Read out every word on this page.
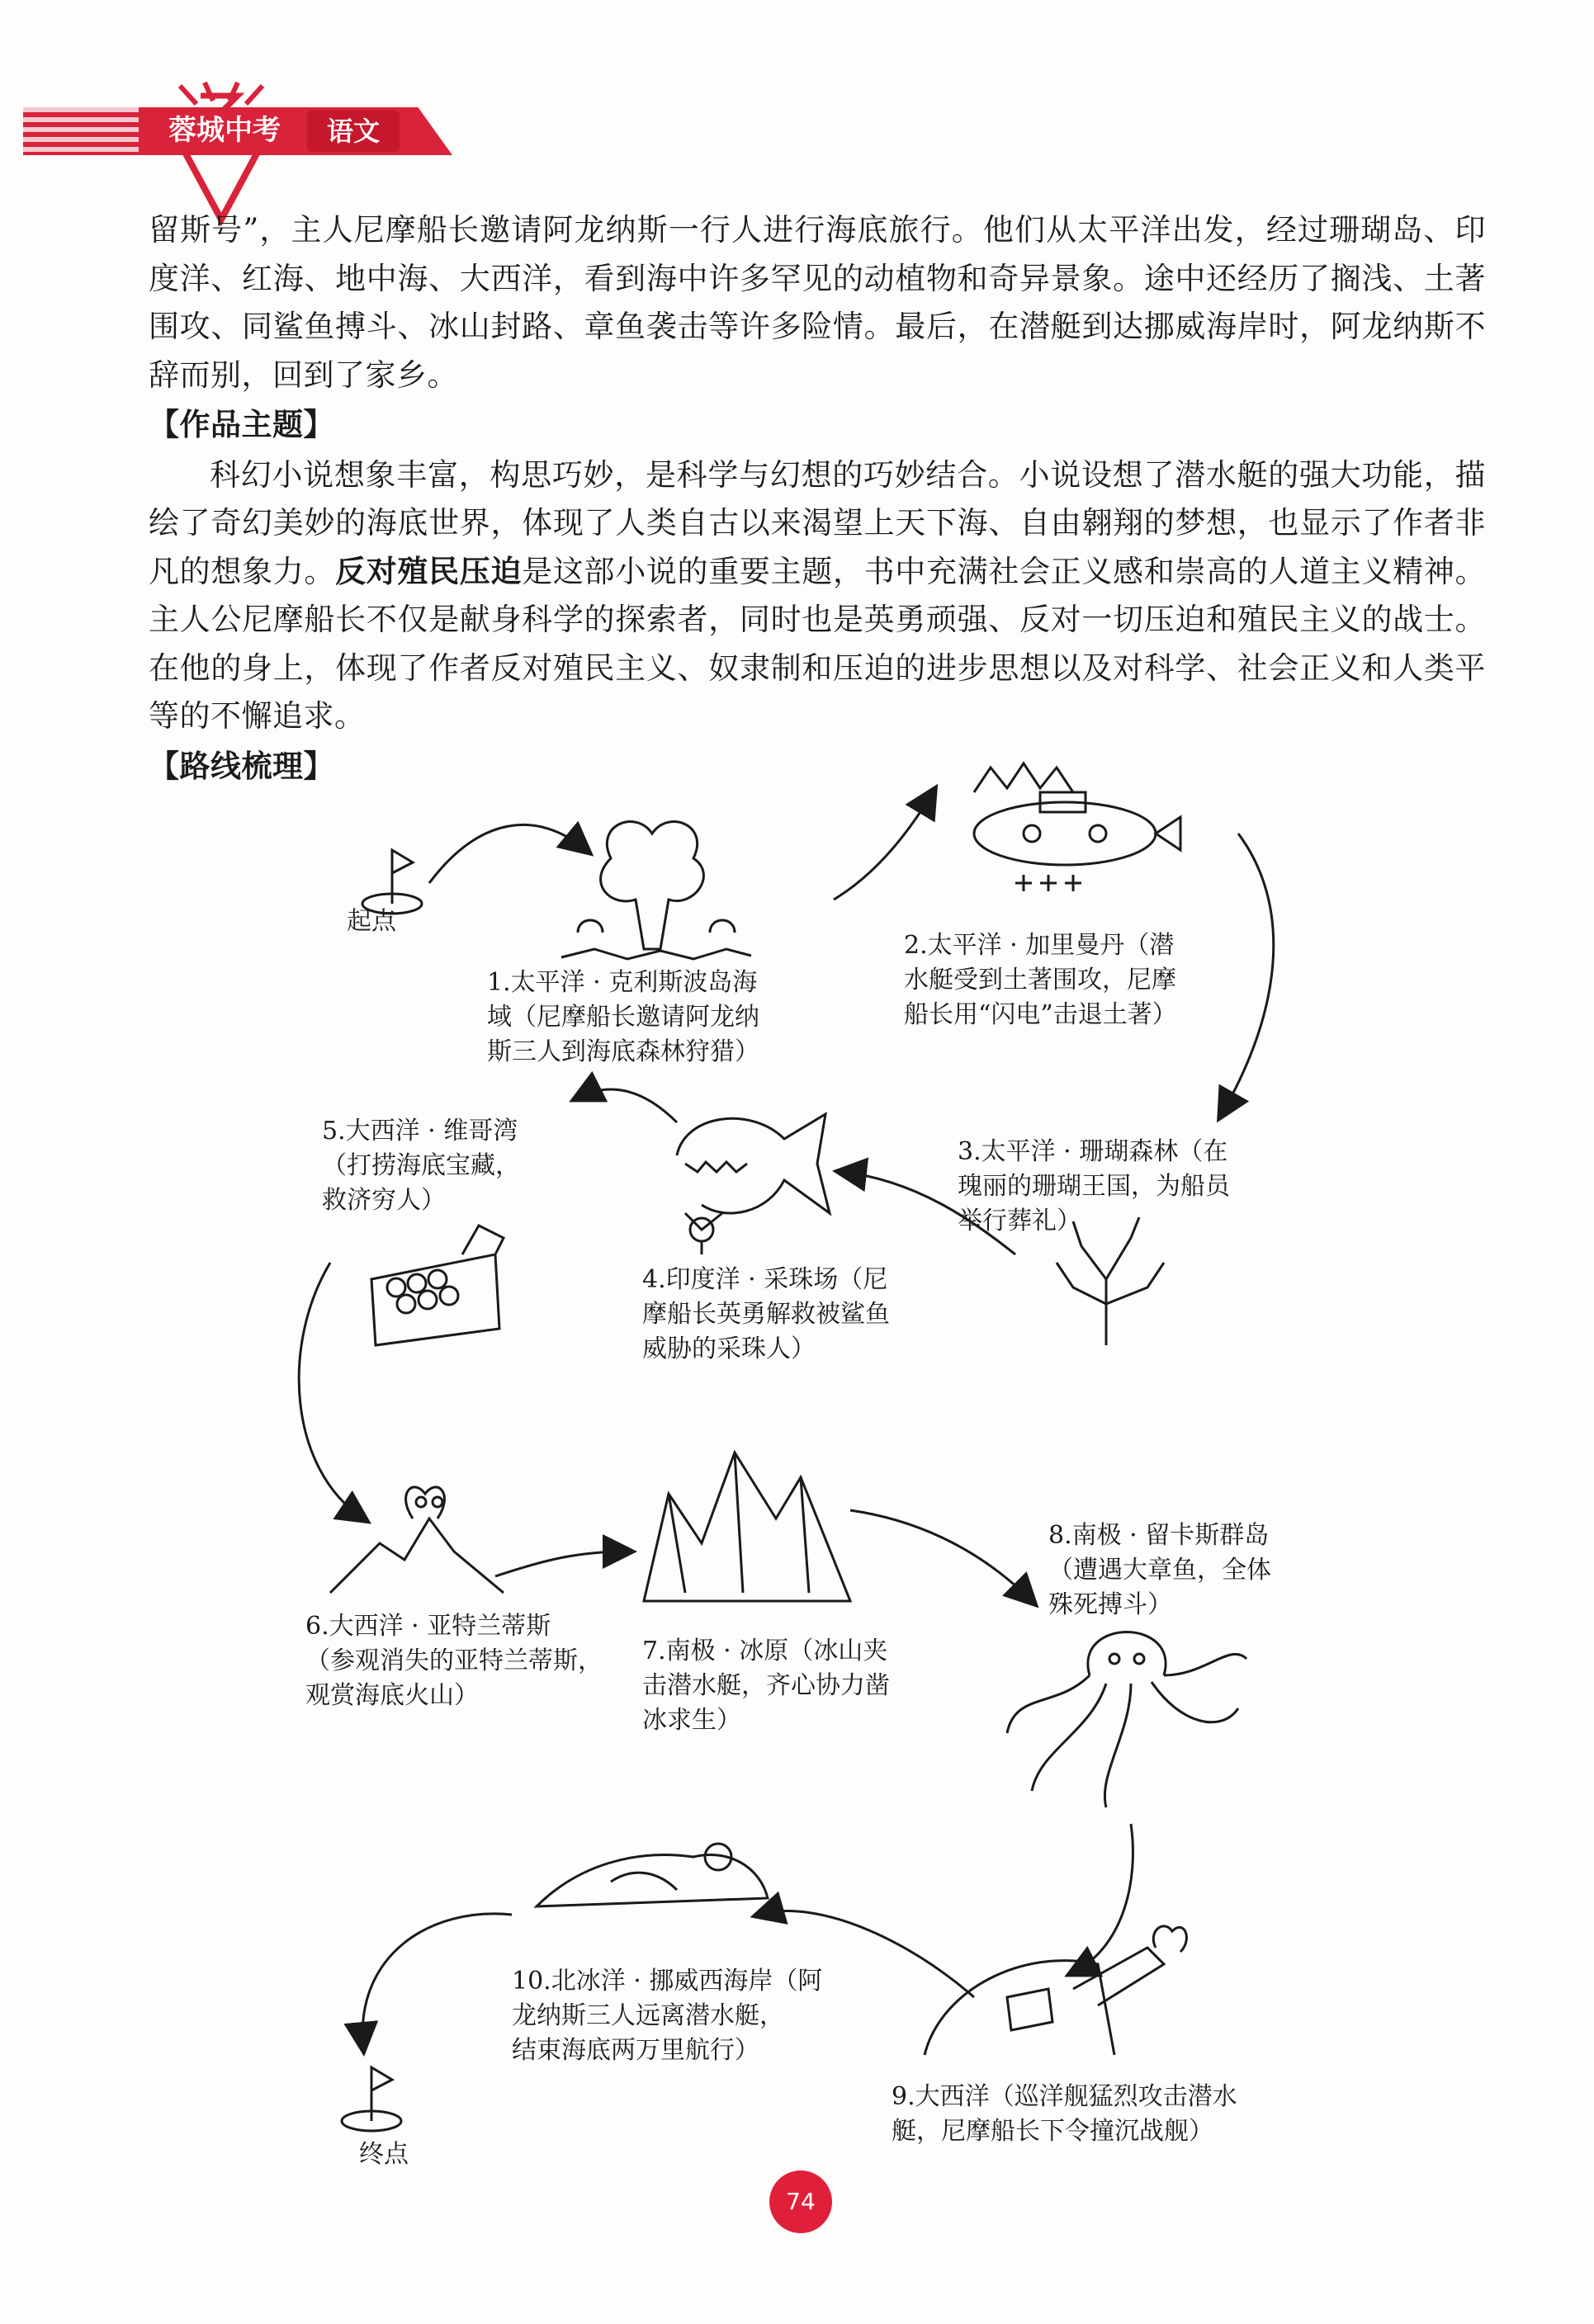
蓉城中考	语文

留斯号”，主人尼摩船长邀请阿龙纳斯一行人进行海底旅行。他们从太平洋出发，经过珊瑚岛、印度洋、红海、地中海、大西洋，看到海中许多罕见的动植物和奇异景象。途中还经历了搁浅、土著围攻、同鲨鱼搏斗、冰山封路、章鱼袭击等许多险情。最后，在潜艇到达挪威海岸时，阿龙纳斯不辞而别，回到了家乡。

【作品主题】

科幻小说想象丰富，构思巧妙，是科学与幻想的巧妙结合。小说设想了潜水艇的强大功能，描绘了奇幻美妙的海底世界，体现了人类自古以来渴望上天下海、自由翱翔的梦想，也显示了作者非凡的想象力。反对殖民压迫是这部小说的重要主题，书中充满社会正义感和崇高的人道主义精神。主人公尼摩船长不仅是献身科学的探索者，同时也是英勇顽强、反对一切压迫和殖民主义的战士。在他的身上，体现了作者反对殖民主义、奴隶制和压迫的进步思想以及对科学、社会正义和人类平等的不懈追求。

【路线梳理】
起点
1.太平洋 · 克利斯波岛海
域（尼摩船长邀请阿龙纳
斯三人到海底森林狩猎）
2.太平洋 · 加里曼丹（潜
水艇受到土著围攻，尼摩
船长用“闪电”击退土著）
3.太平洋 · 珊瑚森林（在
瑰丽的珊瑚王国，为船员
举行葬礼）
4.印度洋 · 采珠场（尼
摩船长英勇解救被鲨鱼
威胁的采珠人）
5.大西洋 · 维哥湾
（打捞海底宝藏，
救济穷人）
6.大西洋 · 亚特兰蒂斯
（参观消失的亚特兰蒂斯，
观赏海底火山）
7.南极 · 冰原（冰山夹
击潜水艇，齐心协力凿
冰求生）
8.南极 · 留卡斯群岛
（遭遇大章鱼，全体
殊死搏斗）
9.大西洋（巡洋舰猛烈攻击潜水
艇，尼摩船长下令撞沉战舰）
10.北冰洋 · 挪威西海岸（阿
龙纳斯三人远离潜水艇，
结束海底两万里航行）
终点
74
